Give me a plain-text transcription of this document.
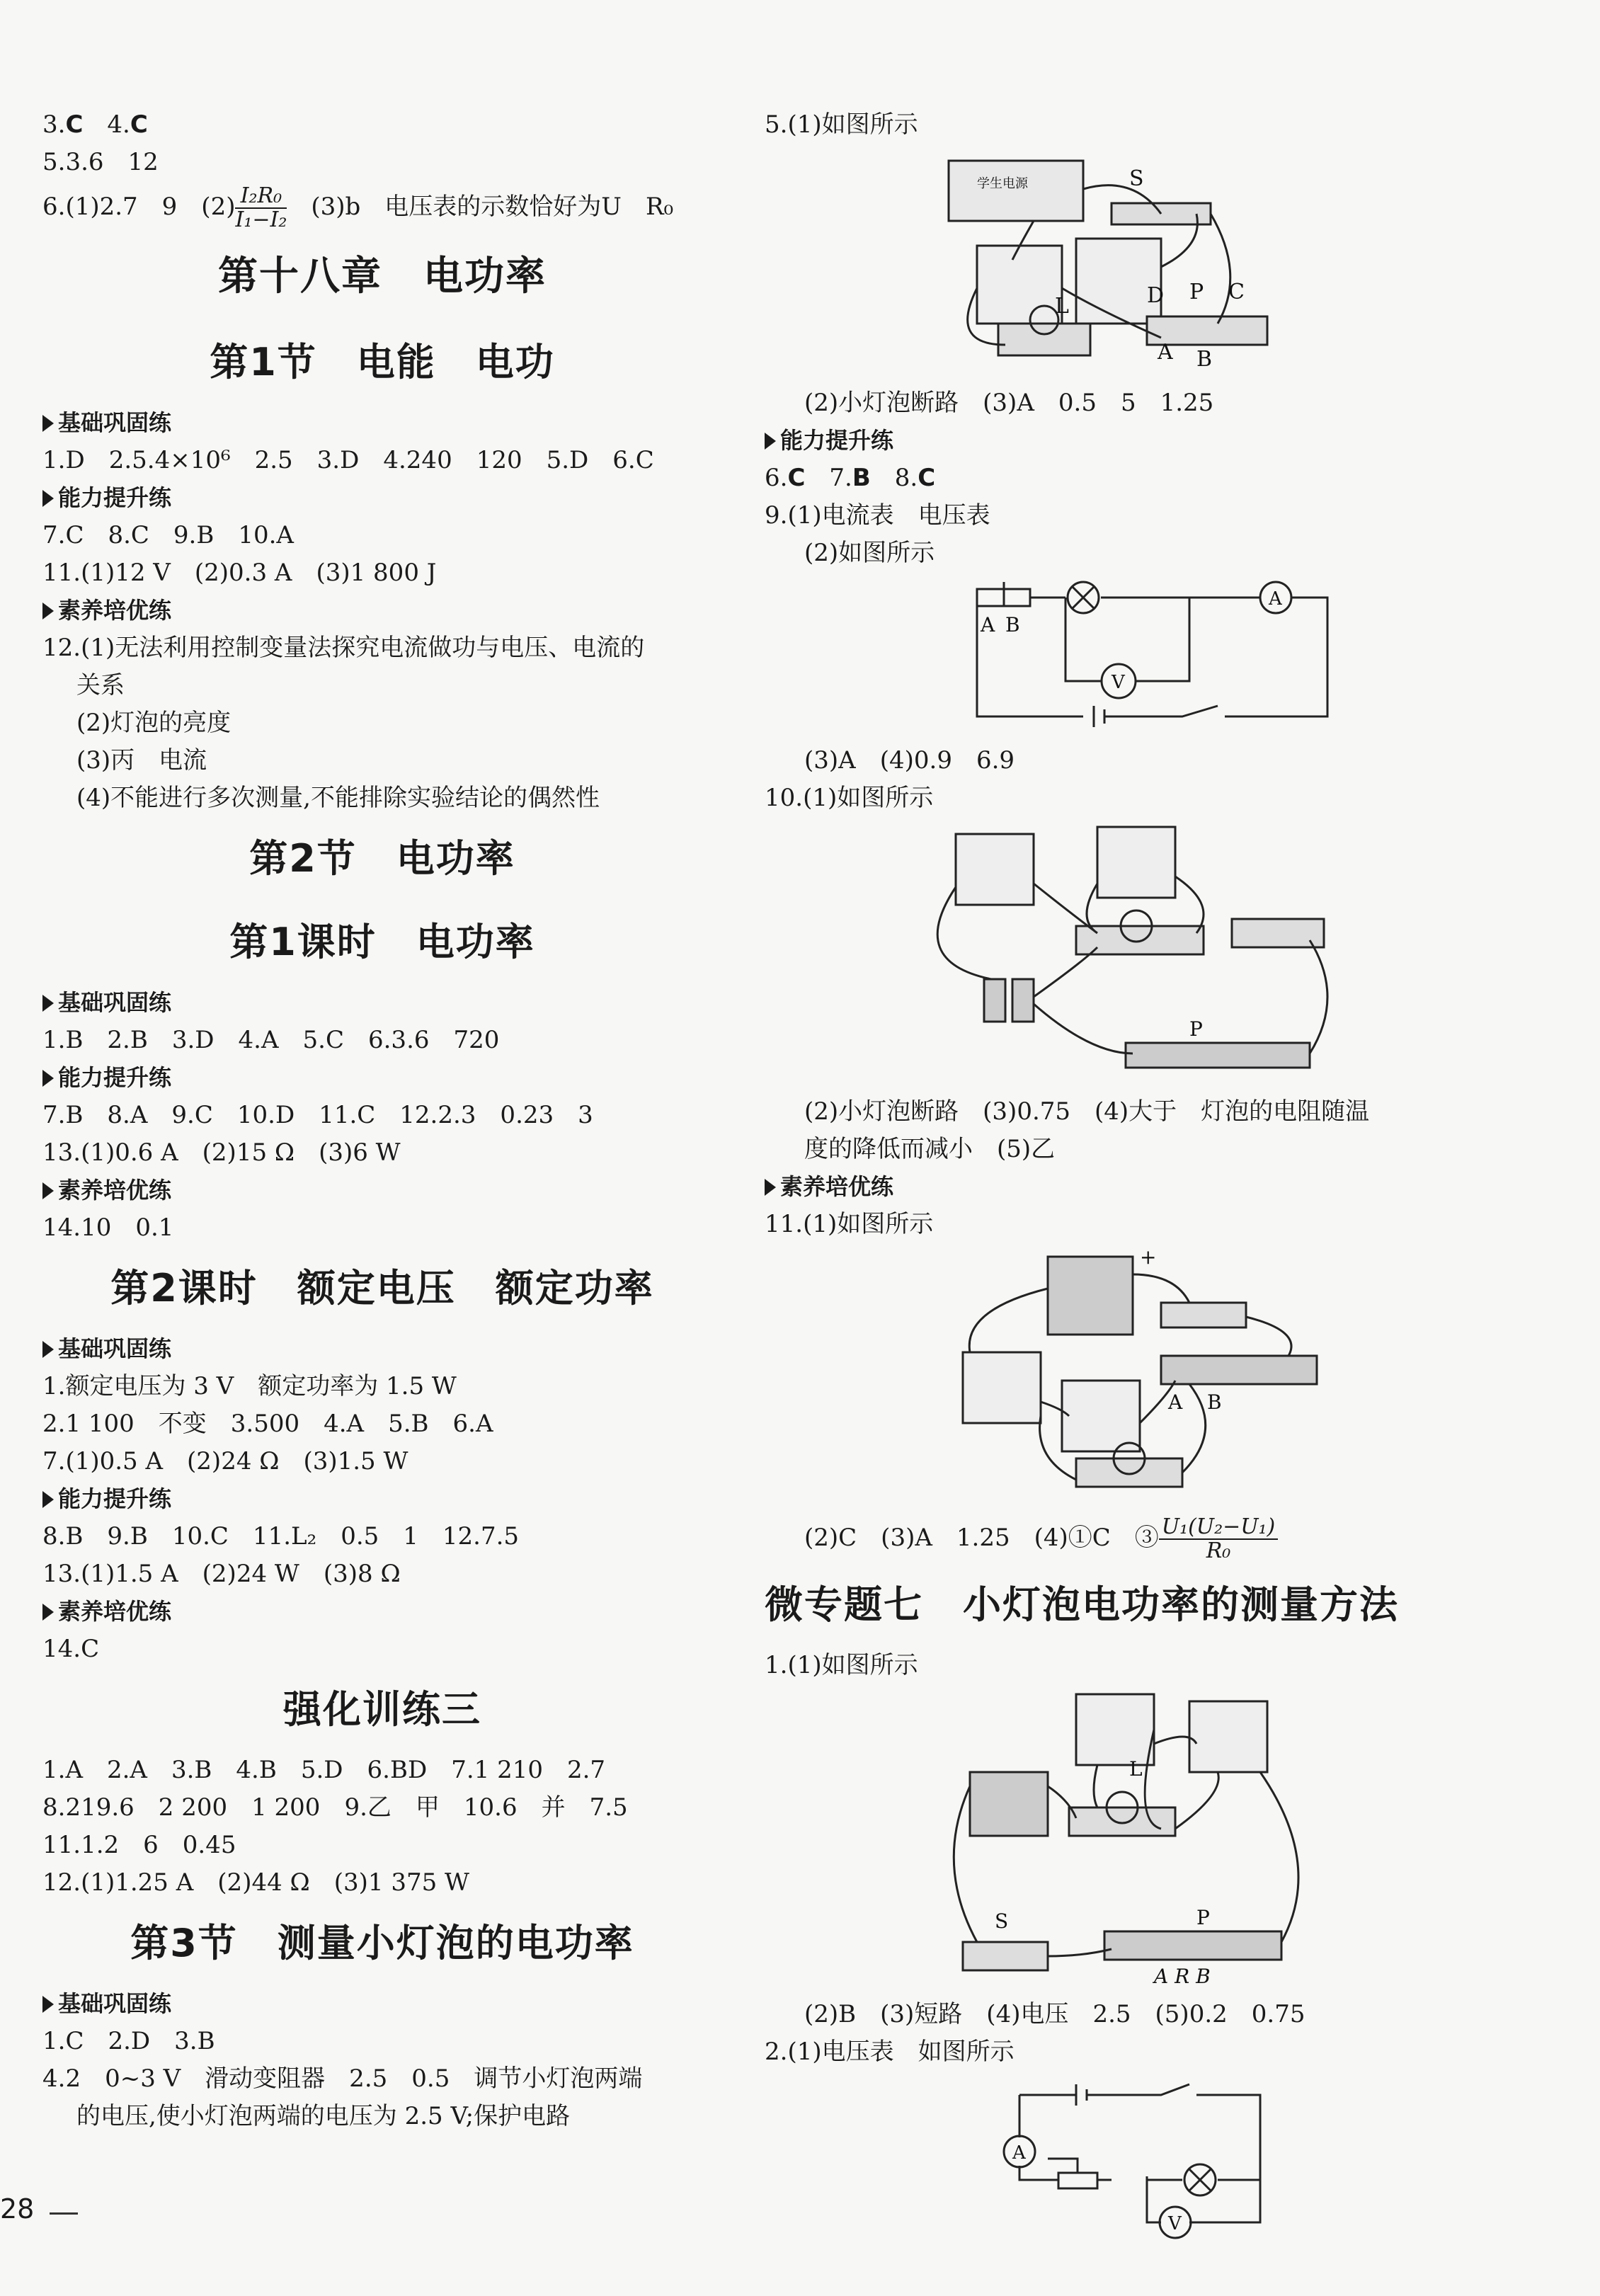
3.C　4.C
5.3.6　12
6.(1)2.7　9　$(2) \frac{\text{I₂R₀}}{\text{I₁−I₂}}$ 　(3)b　电压表的示数恰好为U　R₀
第十八章　电功率
第1节　电能　电功
基础巩固练
1.D　2.5.4×10⁶　2.5　3.D　4.240　120　5.D　6.C
能力提升练
7.C　8.C　9.B　10.A
11.(1)12 V　(2)0.3 A　(3)1 800 J
素养培优练
12.(1)无法利用控制变量法探究电流做功与电压、电流的
关系
(2)灯泡的亮度
(3)丙　电流
(4)不能进行多次测量,不能排除实验结论的偶然性
第2节　电功率
第1课时　电功率
基础巩固练
1.B　2.B　3.D　4.A　5.C　6.3.6　720
能力提升练
7.B　8.A　9.C　10.D　11.C　12.2.3　0.23　3
13.(1)0.6 A　(2)15 Ω　(3)6 W
素养培优练
14.10　0.1
第2课时　额定电压　额定功率
基础巩固练
1.额定电压为 3 V　额定功率为 1.5 W
2.1 100　不变　3.500　4.A　5.B　6.A
7.(1)0.5 A　(2)24 Ω　(3)1.5 W
能力提升练
8.B　9.B　10.C　11.L₂　0.5　1　12.7.5
13.(1)1.5 A　(2)24 W　(3)8 Ω
素养培优练
14.C
强化训练三
1.A　2.A　3.B　4.B　5.D　6.BD　7.1 210　2.7
8.219.6　2 200　1 200　9.乙　甲　10.6　并　7.5
11.1.2　6　0.45
12.(1)1.25 A　(2)44 Ω　(3)1 375 W
第3节　测量小灯泡的电功率
基础巩固练
1.C　2.D　3.B
4.2　0~3 V　滑动变阻器　2.5　0.5　调节小灯泡两端
的电压,使小灯泡两端的电压为 2.5 V;保护电路
5.(1)如图所示
学生电源	S
L	D P C
A B
(2)小灯泡断路　(3)A　0.5　5　1.25
能力提升练
6.C　7.B　8.C
9.(1)电流表　电压表
(2)如图所示
A B
A
V
(3)A　(4)0.9　6.9
10.(1)如图所示
P
(2)小灯泡断路　(3)0.75　(4)大于　灯泡的电阻随温
度的降低而减小　(5)乙
素养培优练
11.(1)如图所示
+
A B
(2)C　(3)A　1.25　(4)①C　③ $\frac{\text{U₁(U₂−U₁)}}{\text{R₀}}$
微专题七　小灯泡电功率的测量方法
1.(1)如图所示
L
S	P
A R B
(2)B　(3)短路　(4)电压　2.5　(5)0.2　0.75
2.(1)电压表　如图所示
A
V
28
